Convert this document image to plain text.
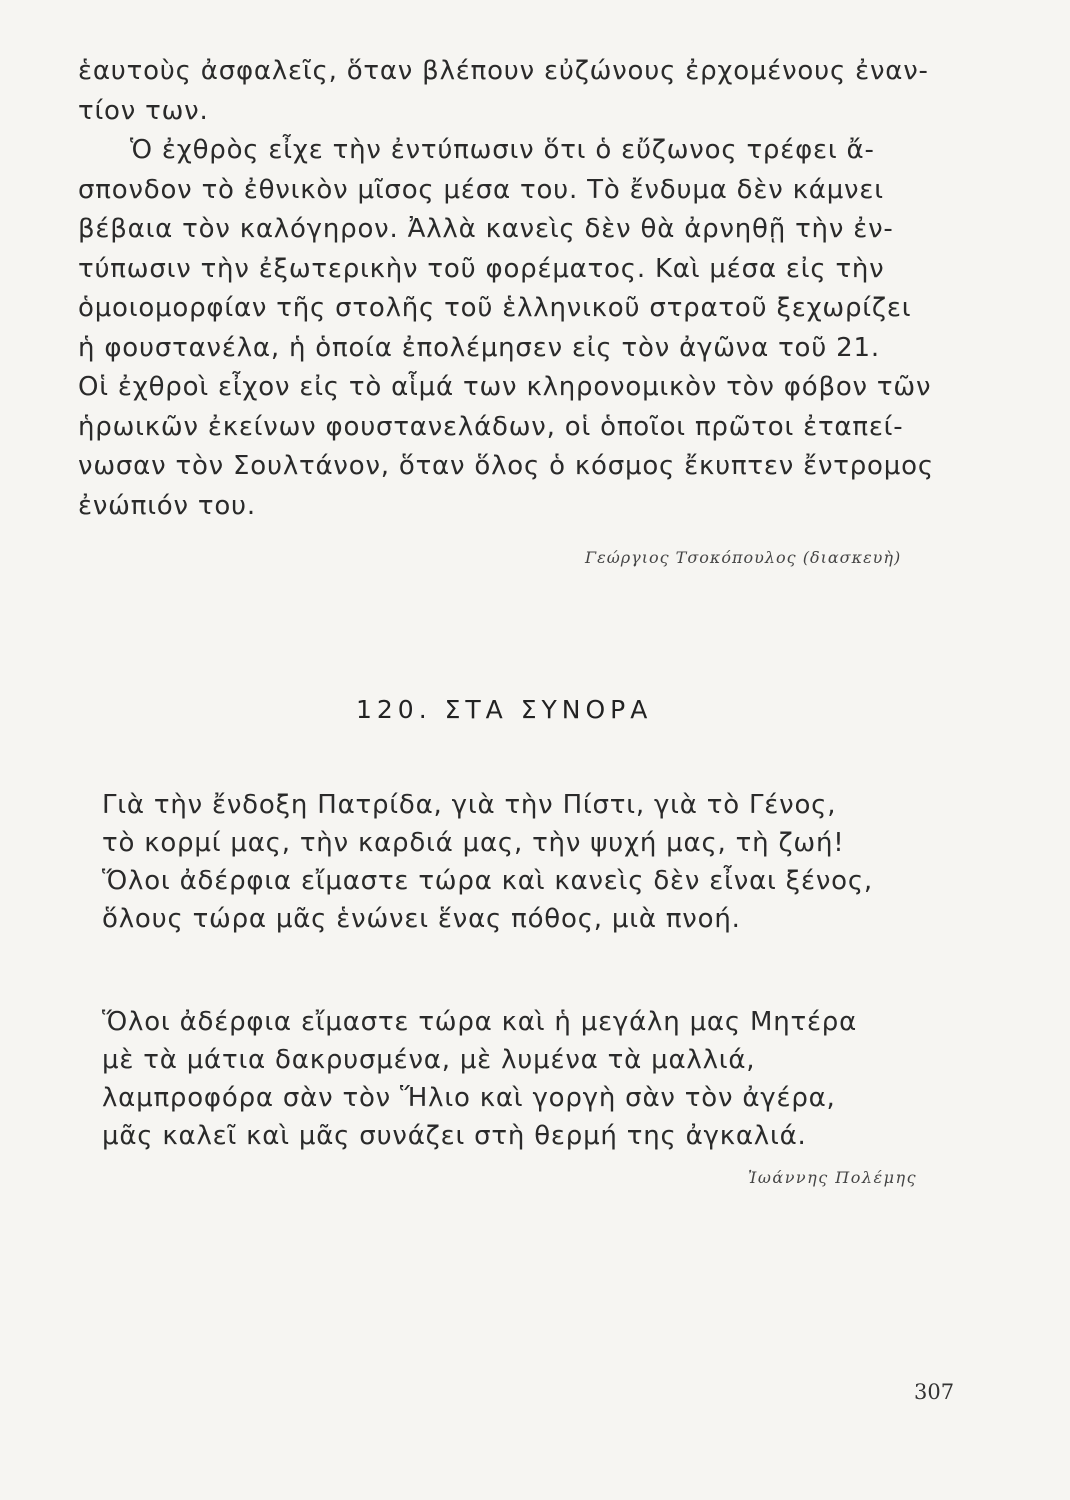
ἑαυτοὺς ἀσφαλεῖς, ὅταν βλέπουν εὐζώνους ἐρχομένους ἐναν-
τίον των.
Ὁ ἐχθρὸς εἶχε τὴν ἐντύπωσιν ὅτι ὁ εὔζωνος τρέφει ἄ-
σπονδον τὸ ἐθνικὸν μῖσος μέσα του. Τὸ ἔνδυμα δὲν κάμνει
βέβαια τὸν καλόγηρον. Ἀλλὰ κανεὶς δὲν θὰ ἀρνηθῇ τὴν ἐν-
τύπωσιν τὴν ἐξωτερικὴν τοῦ φορέματος. Καὶ μέσα εἰς τὴν
ὁμοιομορφίαν τῆς στολῆς τοῦ ἑλληνικοῦ στρατοῦ ξεχωρίζει
ἡ φουστανέλα, ἡ ὁποία ἐπολέμησεν εἰς τὸν ἀγῶνα τοῦ 21.
Οἱ ἐχθροὶ εἶχον εἰς τὸ αἷμά των κληρονομικὸν τὸν φόβον τῶν
ἡρωικῶν ἐκείνων φουστανελάδων, οἱ ὁποῖοι πρῶτοι ἐταπεί-
νωσαν τὸν Σουλτάνον, ὅταν ὅλος ὁ κόσμος ἔκυπτεν ἔντρομος
ἐνώπιόν του.
Γεώργιος Τσοκόπουλος (διασκευὴ)
120. ΣΤΑ ΣΥΝΟΡΑ
Γιὰ τὴν ἔνδοξη Πατρίδα, γιὰ τὴν Πίστι, γιὰ τὸ Γένος,
τὸ κορμί μας, τὴν καρδιά μας, τὴν ψυχή μας, τὴ ζωή!
Ὅλοι ἀδέρφια εἴμαστε τώρα καὶ κανεὶς δὲν εἶναι ξένος,
ὅλους τώρα μᾶς ἑνώνει ἕνας πόθος, μιὰ πνοή.
Ὅλοι ἀδέρφια εἴμαστε τώρα καὶ ἡ μεγάλη μας Μητέρα
μὲ τὰ μάτια δακρυσμένα, μὲ λυμένα τὰ μαλλιά,
λαμπροφόρα σὰν τὸν Ἥλιο καὶ γοργὴ σὰν τὸν ἀγέρα,
μᾶς καλεῖ καὶ μᾶς συνάζει στὴ θερμή της ἀγκαλιά.
Ἰωάννης Πολέμης
307
